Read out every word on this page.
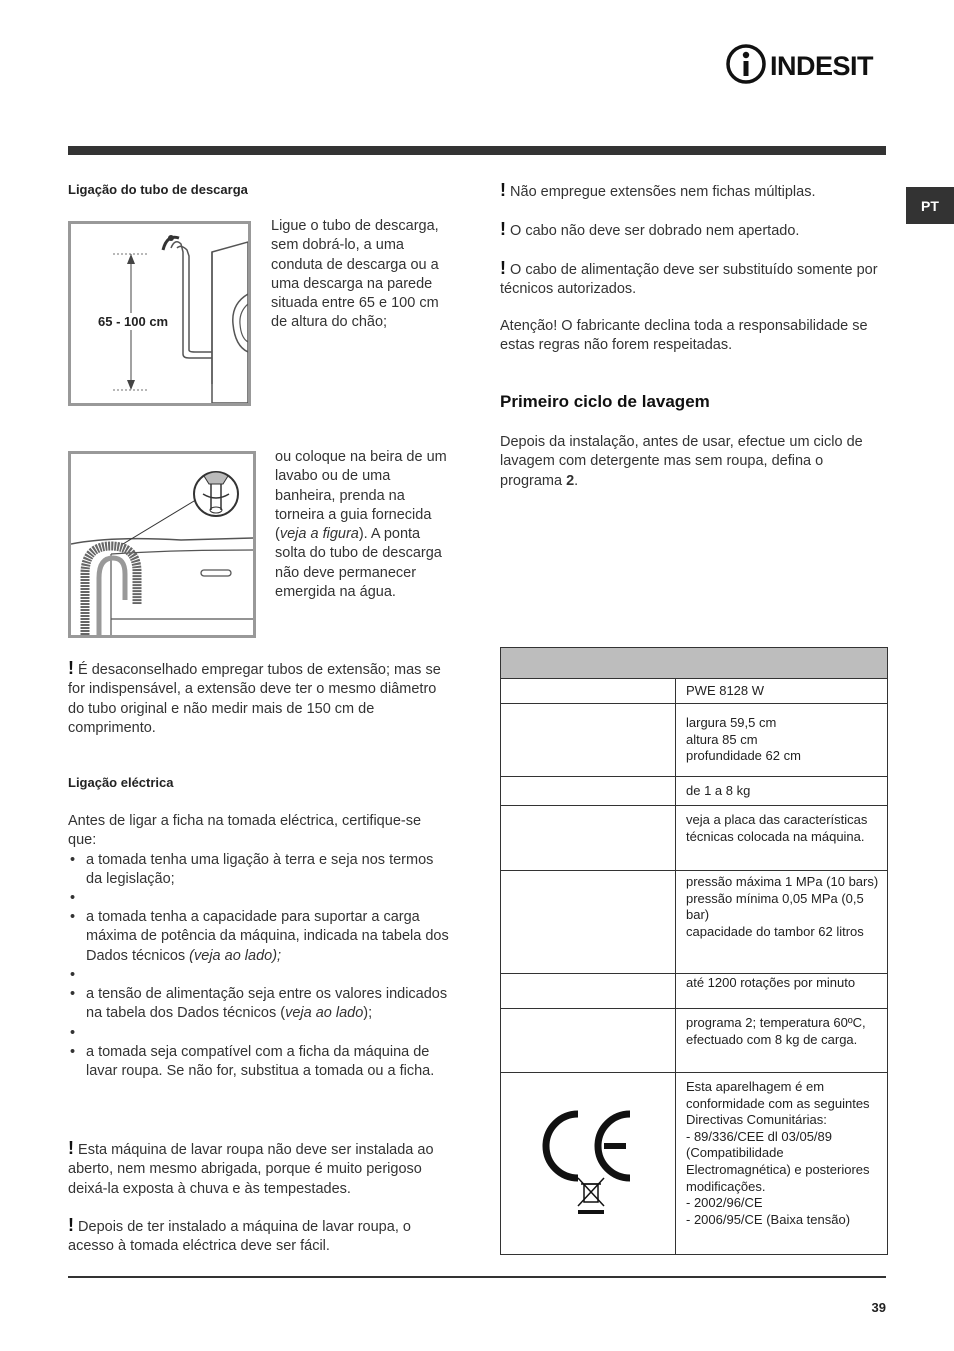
INDESIT
PT
Ligação do tubo de descarga
65 - 100 cm
Ligue o tubo de descarga, sem dobrá-lo, a uma conduta de descarga ou a uma descarga na parede situada entre 65 e 100 cm de altura do chão;
ou coloque na beira de um lavabo ou de uma banheira, prenda na torneira a guia fornecida (veja a figura). A ponta solta do tubo de descarga não deve permanecer emergida na água.
! É desaconselhado empregar tubos de extensão; mas se for indispensável, a extensão deve ter o mesmo diâmetro do tubo original e não medir mais de 150 cm de comprimento.
Ligação eléctrica
Antes de ligar a ficha na tomada eléctrica, certifique-se que:
• a tomada tenha uma ligação à terra e seja nos termos da legislação;
•
• a tomada tenha a capacidade para suportar a carga máxima de potência da máquina, indicada na tabela dos Dados técnicos (veja ao lado);
•
• a tensão de alimentação seja entre os valores indicados na tabela dos Dados técnicos (veja ao lado);
•
• a tomada seja compatível com a ficha da máquina de lavar roupa. Se não for, substitua a tomada ou a ficha.
! Esta máquina de lavar roupa não deve ser instalada ao aberto, nem mesmo abrigada, porque é muito perigoso deixá-la exposta à chuva e às tempestades.
! Depois de ter instalado a máquina de lavar roupa, o acesso à tomada eléctrica deve ser fácil.
! Não empregue extensões nem fichas múltiplas.
! O cabo não deve ser dobrado nem apertado.
! O cabo de alimentação deve ser substituído somente por técnicos autorizados.
Atenção! O fabricante declina toda a responsabilidade se estas regras não forem respeitadas.
Primeiro ciclo de lavagem
Depois da instalação, antes de usar, efectue um ciclo de lavagem com detergente mas sem roupa, defina o programa 2.

	PWE 8128 W

	largura 59,5 cm
altura 85 cm
profundidade 62 cm

	de 1 a 8 kg
	veja a placa das características técnicas colocada na máquina.

	pressão máxima 1 MPa (10 bars)
pressão mínima 0,05 MPa (0,5 bar)
capacidade do tambor 62 litros

	até 1200 rotações por minuto
	programa 2; temperatura 60ºC, efectuado com 8 kg de carga.

Esta aparelhagem é em conformidade com as seguintes Directivas Comunitárias:
- 89/336/CEE dl 03/05/89 (Compatibilidade Electromagnética) e posteriores modificações.
- 2002/96/CE
- 2006/95/CE (Baixa tensão)
39
